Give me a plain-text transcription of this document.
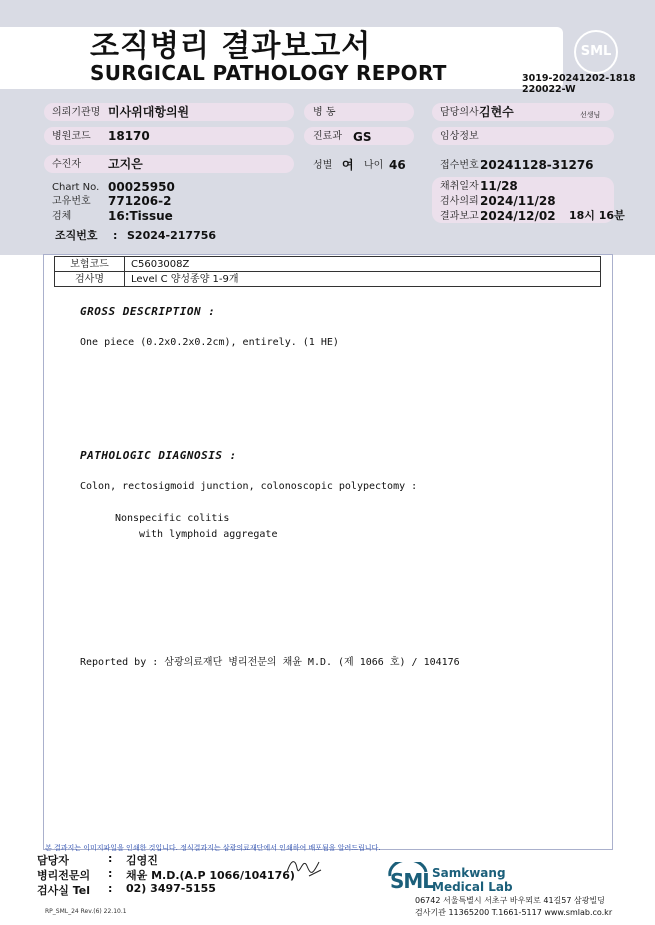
조직병리 결과보고서
SURGICAL PATHOLOGY REPORT
SML
3019-20241202-1818
220022-W
의뢰기관명 미사위대항의원	병 동	담당의사 김현수	선생님
병원코드 18170	진료과 GS	임상정보
수진자 고지은	성별 여 나이 46	접수번호 20241128-31276
Chart No. 00025950
고유번호 771206-2
검체	16:Tissue
채취일자 11/28
검사의뢰 2024/11/28
결과보고 2024/12/02 18시 16분
조직번호 : S2024-217756
보험코드	C5603008Z
검사명	Level C 양성종양 1-9개
GROSS DESCRIPTION :
One piece (0.2x0.2x0.2cm), entirely. (1 HE)
PATHOLOGIC DIAGNOSIS :
Colon, rectosigmoid junction, colonoscopic polypectomy :
Nonspecific colitis
with lymphoid aggregate
Reported by : 삼광의료재단 병리전문의 채윤 M.D. (제 1066 호) / 104176
본 결과지는 이미지파일을 인쇄한 것입니다. 정식결과지는 삼광의료재단에서 인쇄하여 배포됨을 알려드립니다.
담당자	: 김영진
병리전문의 : 채윤 M.D.(A.P 1066/104176)
검사실 Tel : 02) 3497-5155
RP_SML_24 Rev.(6) 22.10.1
SML
Samkwang
Medical Lab
06742 서울특별시 서초구 바우뫼로 41길57 삼광빌딩
검사기관 11365200 T.1661-5117 www.smlab.co.kr
